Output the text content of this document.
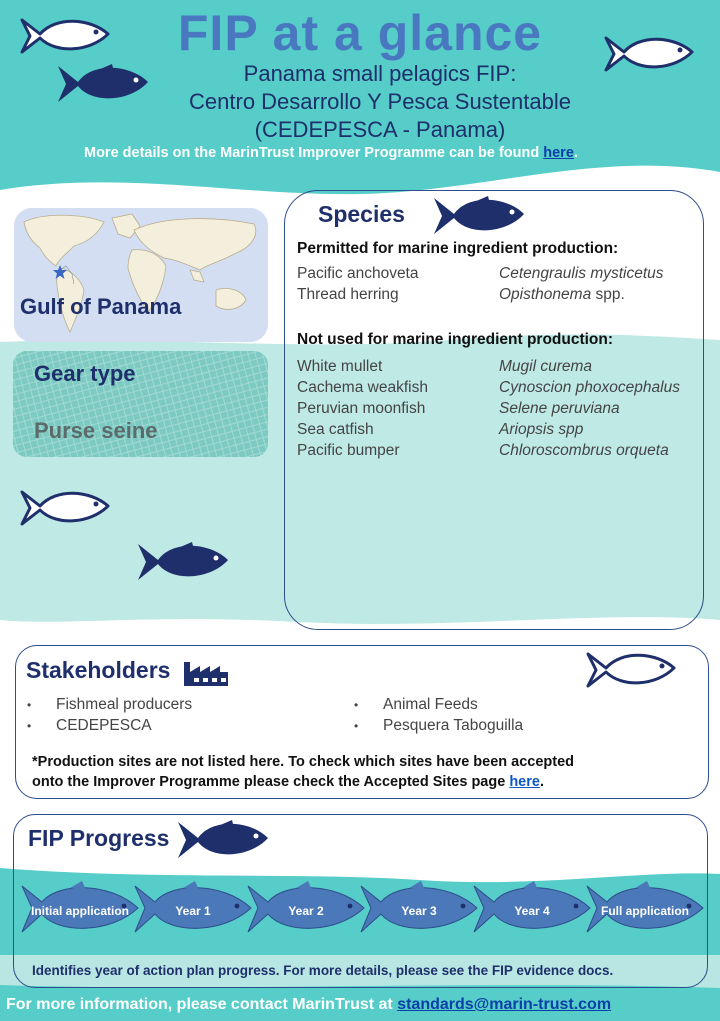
FIP at a glance
Panama small pelagics FIP:
Centro Desarrollo Y Pesca Sustentable
(CEDEPESCA - Panama)
More details on the MarinTrust Improver Programme can be found here.
Gulf of Panama
Gear type
Purse seine
Species
Permitted for marine ingredient production:
Pacific anchoveta	Cetengraulis mysticetus
Thread herring	Opisthonema spp.
Not used for marine ingredient production:
White mullet	Mugil curema
Cachema weakfish	Cynoscion phoxocephalus
Peruvian moonfish	Selene peruviana
Sea catfish	Ariopsis spp
Pacific bumper	Chloroscombrus orqueta
Stakeholders
• Fishmeal producers
• CEDEPESCA
• Animal Feeds
• Pesquera Taboguilla
*Production sites are not listed here. To check which sites have been accepted
onto the Improver Programme please check the Accepted Sites page here.
FIP Progress
Initial application	Year 1	Year 2	Year 3	Year 4	Full application
Identifies year of action plan progress. For more details, please see the FIP evidence docs.
For more information, please contact MarinTrust at standards@marin-trust.com
